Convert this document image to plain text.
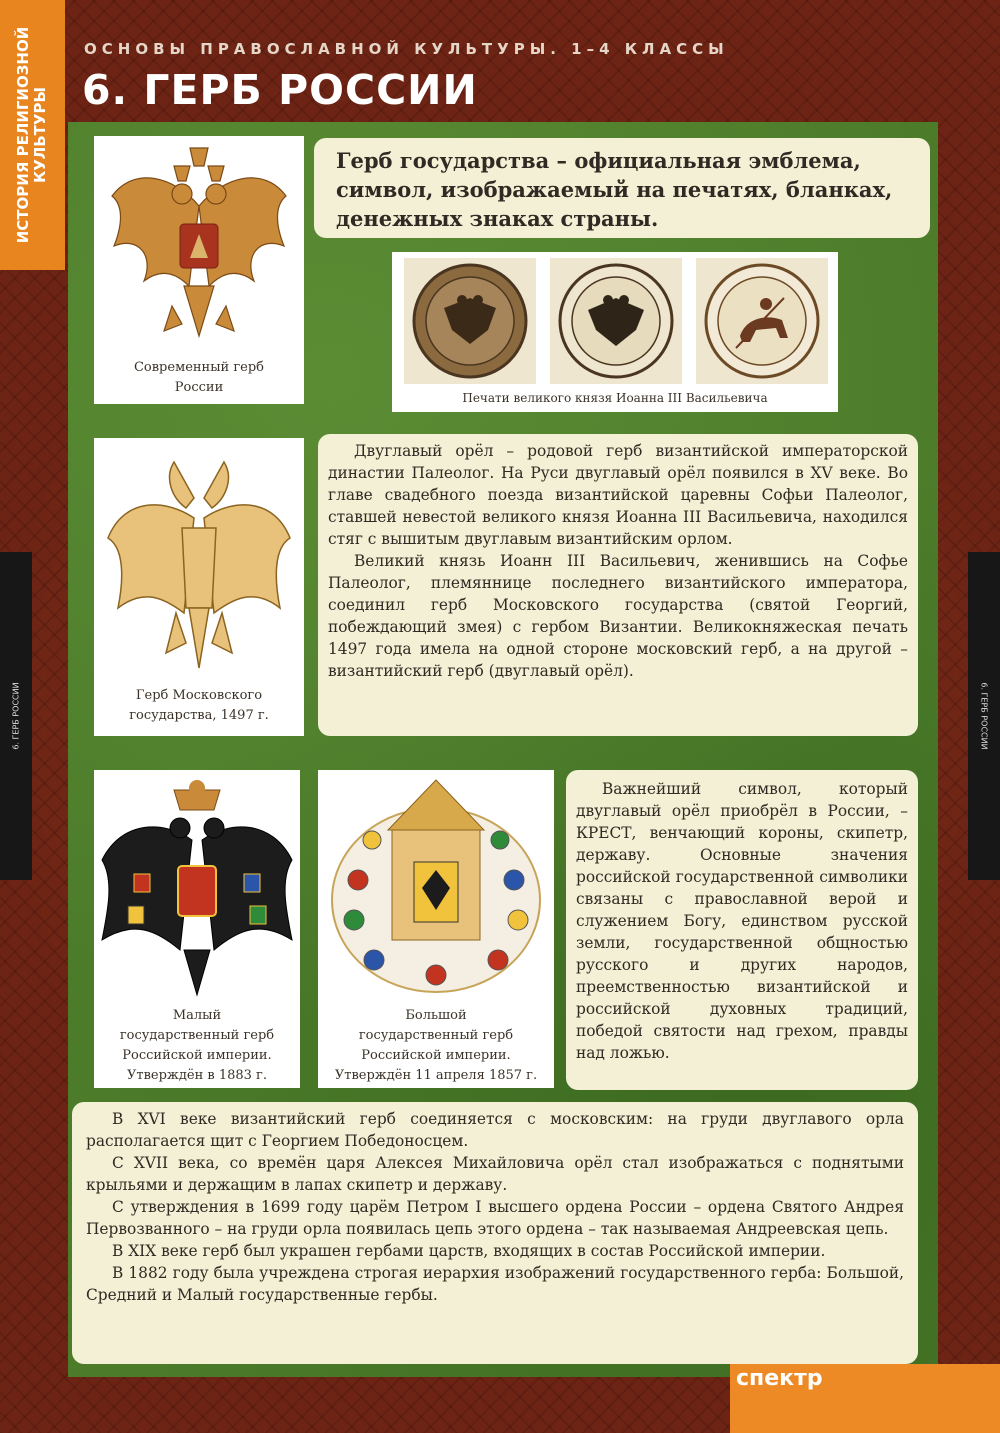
ИСТОРИЯ РЕЛИГИОЗНОЙ КУЛЬТУРЫ
6. ГЕРБ РОССИИ	6. ГЕРБ РОССИИ
ОСНОВЫ ПРАВОСЛАВНОЙ КУЛЬТУРЫ. 1–4 КЛАССЫ
6. ГЕРБ РОССИИ
Современный герб
России
Герб государства – официальная эмблема, символ, изображаемый на печатях, бланках, денежных знаках страны.
Печати великого князя Иоанна III Васильевича
Герб Московского
государства, 1497 г.

Двуглавый орёл – родовой герб византийской императорской династии Палеолог. На Руси двуглавый орёл появился в XV веке. Во главе свадебного поезда византийской царевны Софьи Палеолог, ставшей невестой великого князя Иоанна III Васильевича, находился стяг с вышитым двуглавым византийским орлом.

Великий князь Иоанн III Васильевич, женившись на Софье Палеолог, племяннице последнего византийского императора, соединил герб Московского государства (святой Георгий, побеждающий змея) с гербом Византии. Великокняжеская печать 1497 года имела на одной стороне московский герб, а на другой – византийский герб (двуглавый орёл).

Малый
государственный герб
Российской империи.
Утверждён в 1883 г.
Большой
государственный герб
Российской империи.
Утверждён 11 апреля 1857 г.

Важнейший символ, который двуглавый орёл приобрёл в России, – КРЕСТ, венчающий короны, скипетр, державу. Основные значения российской государственной символики связаны с православной верой и служением Богу, единством русской земли, государственной общностью русского и других народов, преемственностью византийской и российской духовных традиций, победой святости над грехом, правды над ложью.

В XVI веке византийский герб соединяется с московским: на груди двуглавого орла располагается щит с Георгием Победоносцем.

С XVII века, со времён царя Алексея Михайловича орёл стал изображаться с поднятыми крыльями и держащим в лапах скипетр и державу.

С утверждения в 1699 году царём Петром I высшего ордена России – ордена Святого Андрея Первозванного – на груди орла появилась цепь этого ордена – так называемая Андреевская цепь.

В XIX веке герб был украшен гербами царств, входящих в состав Российской империи.

В 1882 году была учреждена строгая иерархия изображений государственного герба: Большой, Средний и Малый государственные гербы.

спектр
